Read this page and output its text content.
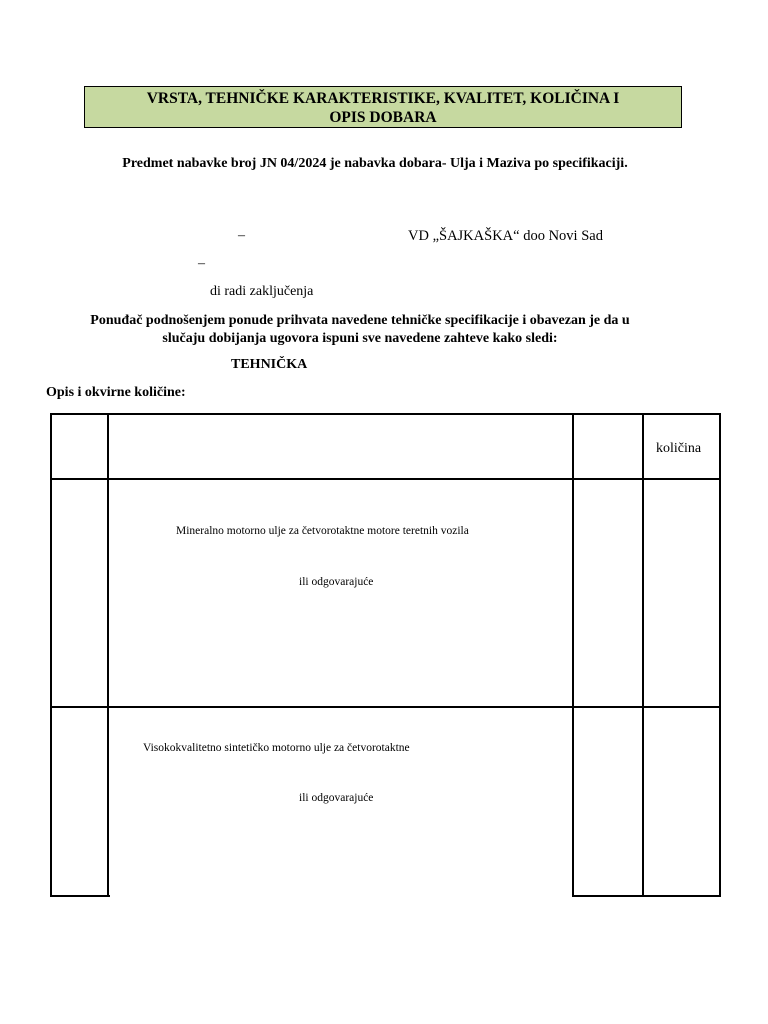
VRSTA, TEHNIČKE KARAKTERISTIKE, KVALITET, KOLIČINA I
OPIS DOBARA
Predmet nabavke broj JN 04/2024 je nabavka dobara- Ulja i Maziva po specifikaciji.
–	VD „ŠAJKAŠKA“ doo Novi Sad
–
di radi zaključenja
Ponuđač podnošenjem ponude prihvata navedene tehničke specifikacije i obavezan je da u
slučaju dobijanja ugovora ispuni sve navedene zahteve kako sledi:
TEHNIČKA
Opis i okvirne količine:
količina
Mineralno motorno ulje za četvorotaktne motore teretnih vozila
ili odgovarajuće
Visokokvalitetno sintetičko motorno ulje za četvorotaktne
ili odgovarajuće
